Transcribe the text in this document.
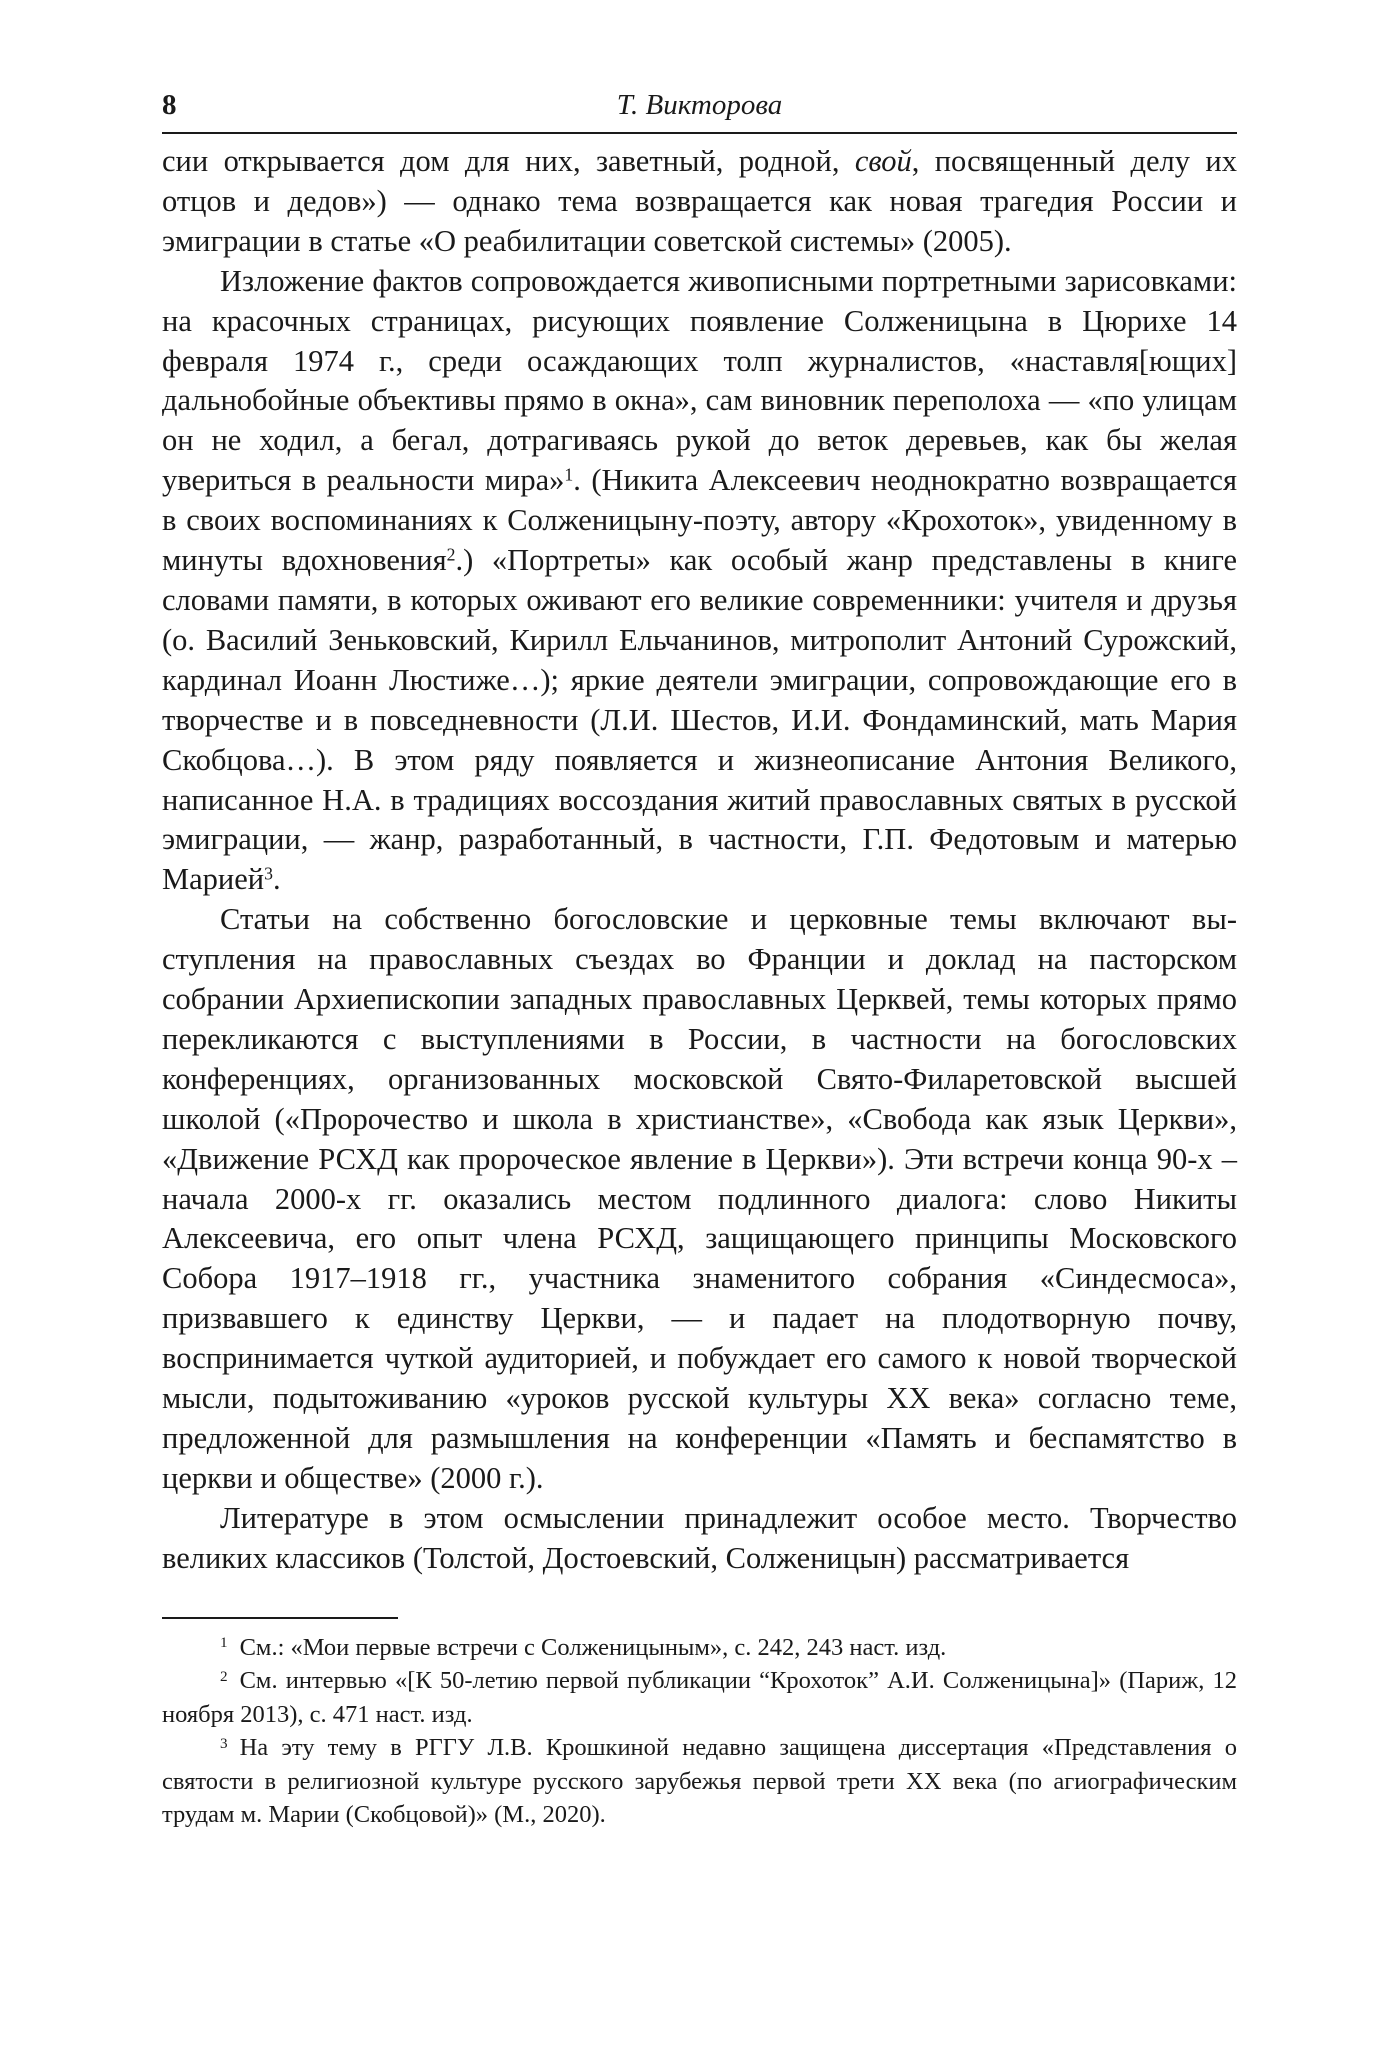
8	Т. Викторова

сии открывается дом для них, заветный, родной, свой, посвященный делу их отцов и дедов») — однако тема возвращается как новая трагедия России и эмиграции в статье «О реабилитации советской системы» (2005).

Изложение фактов сопровождается живописными портретными зарисовками: на красочных страницах, рисующих появление Солженицына в Цюрихе 14 февраля 1974 г., среди осаждающих толп журналистов, «наставля[ющих] дальнобойные объективы прямо в окна», сам виновник переполоха — «по улицам он не ходил, а бегал, дотрагиваясь рукой до веток деревьев, как бы желая увериться в реальности мира»$^1$. (Никита Алексеевич неоднократно возвращается в своих воспоминаниях к Солженицыну-поэту, автору «Крохоток», увиденному в минуты вдохновения$^2$.) «Портреты» как особый жанр представлены в книге словами памяти, в которых оживают его великие современники: учителя и друзья (о. Василий Зеньковский, Кирилл Ельчанинов, митрополит Антоний Сурожский, кардинал Иоанн Люстиже…); яркие деятели эмиграции, сопровождающие его в творчестве и в повседневности (Л.И. Шестов, И.И. Фондаминский, мать Мария Скобцова…). В этом ряду появляется и жизнеописание Антония Великого, написанное Н.А. в традициях воссоздания житий православных святых в русской эмиграции, — жанр, разработанный, в частности, Г.П. Федотовым и матерью Марией$^3$.

Статьи на собственно богословские и церковные темы включают выступления на православных съездах во Франции и доклад на пасторском собрании Архиепископии западных православных Церквей, темы которых прямо перекликаются с выступлениями в России, в частности на богословских конференциях, организованных московской Свято-Филаретовской высшей школой («Пророчество и школа в христианстве», «Свобода как язык Церкви», «Движение РСХД как пророческое явление в Церкви»). Эти встречи конца 90-х – начала 2000-х гг. оказались местом подлинного диалога: слово Никиты Алексеевича, его опыт члена РСХД, защищающего принципы Московского Собора 1917–1918 гг., участника знаменитого собрания «Синдесмоса», призвавшего к единству Церкви, — и падает на плодотворную почву, воспринимается чуткой аудиторией, и побуждает его самого к новой творческой мысли, подытоживанию «уроков русской культуры XX века» согласно теме, предложенной для размышления на конференции «Память и беспамятство в церкви и обществе» (2000 г.).

Литературе в этом осмыслении принадлежит особое место. Творчество великих классиков (Толстой, Достоевский, Солженицын) рассматривается

$^1$ См.: «Мои первые встречи с Солженицыным», с. 242, 243 наст. изд.

$^2$ См. интервью «[К 50-летию первой публикации “Крохоток” А.И. Солженицына]» (Париж, 12 ноября 2013), с. 471 наст. изд.

$^3$ На эту тему в РГГУ Л.В. Крошкиной недавно защищена диссертация «Представления о святости в религиозной культуре русского зарубежья первой трети XX века (по агиографическим трудам м. Марии (Скобцовой)» (М., 2020).
